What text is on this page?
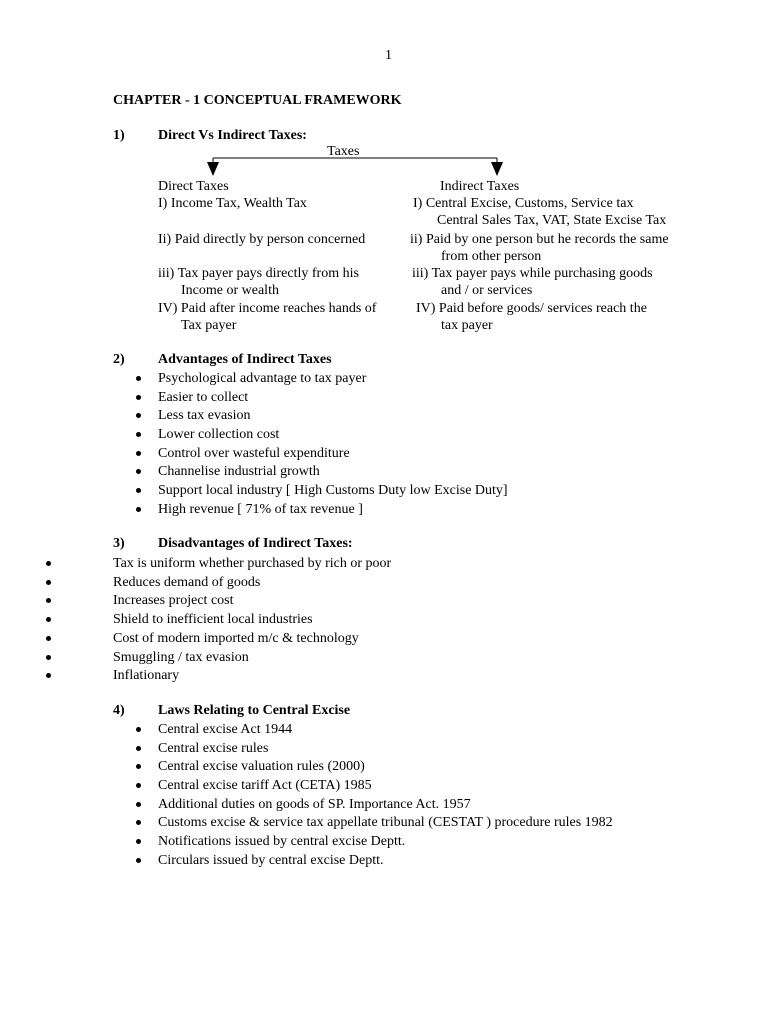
1
CHAPTER - 1 CONCEPTUAL FRAMEWORK
1) Direct Vs Indirect Taxes:
Taxes
Direct Taxes	Indirect Taxes
I) Income Tax, Wealth Tax
Ii) Paid directly by person concerned
iii) Tax payer pays directly from his
Income or wealth
IV) Paid after income reaches hands of
Tax payer
I) Central Excise, Customs, Service tax
Central Sales Tax, VAT, State Excise Tax
ii) Paid by one person but he records the same
from other person
iii) Tax payer pays while purchasing goods
and / or services
IV) Paid before goods/ services reach the
tax payer
2) Advantages of Indirect Taxes
Psychological advantage to tax payer
Easier to collect
Less tax evasion
Lower collection cost
Control over wasteful expenditure
Channelise industrial growth
Support local industry [ High Customs Duty low Excise Duty]
High revenue [ 71% of tax revenue ]
3) Disadvantages of Indirect Taxes:
Tax is uniform whether purchased by rich or poor
Reduces demand of goods
Increases project cost
Shield to inefficient local industries
Cost of modern imported m/c & technology
Smuggling / tax evasion
Inflationary
4) Laws Relating to Central Excise
Central excise Act 1944
Central excise rules
Central excise valuation rules (2000)
Central excise tariff Act (CETA) 1985
Additional duties on goods of SP. Importance Act. 1957
Customs excise & service tax appellate tribunal (CESTAT ) procedure rules 1982
Notifications issued by central excise Deptt.
Circulars issued by central excise Deptt.
